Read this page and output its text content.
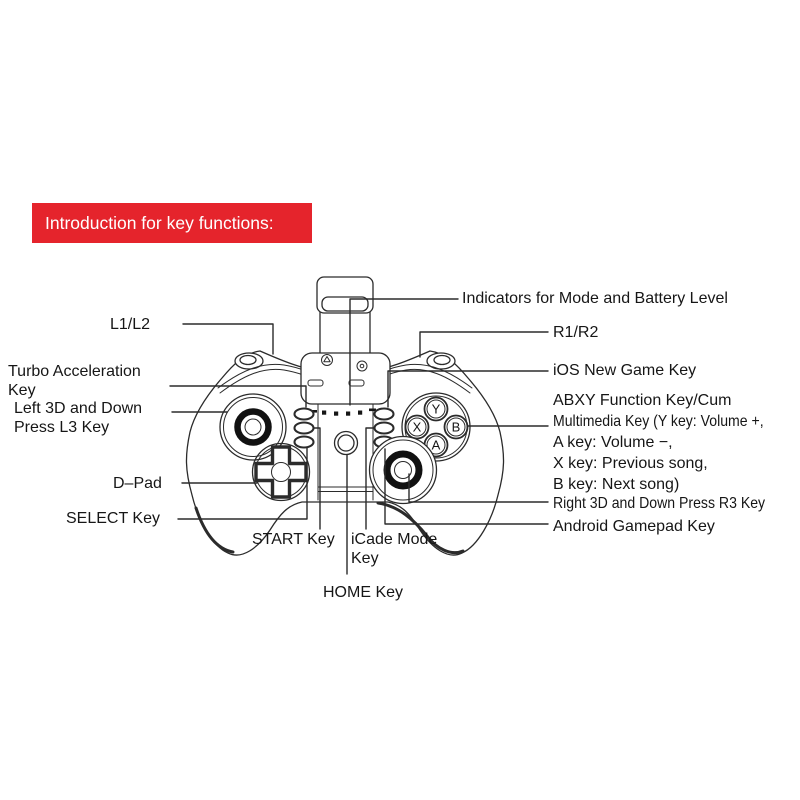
Introduction for key functions:
Y
X B
A
L1/L2
Turbo Acceleration Key
Left 3D and Down Press L3 Key
D–Pad
SELECT Key
START Key iCade Mode Key
HOME Key
Indicators for Mode and Battery Level
R1/R2
iOS New Game Key
ABXY Function Key/Cum
Multimedia Key (Y key: Volume +,
A key: Volume −,
X key: Previous song,
B key: Next song)
Right 3D and Down Press R3 Key
Android Gamepad Key
